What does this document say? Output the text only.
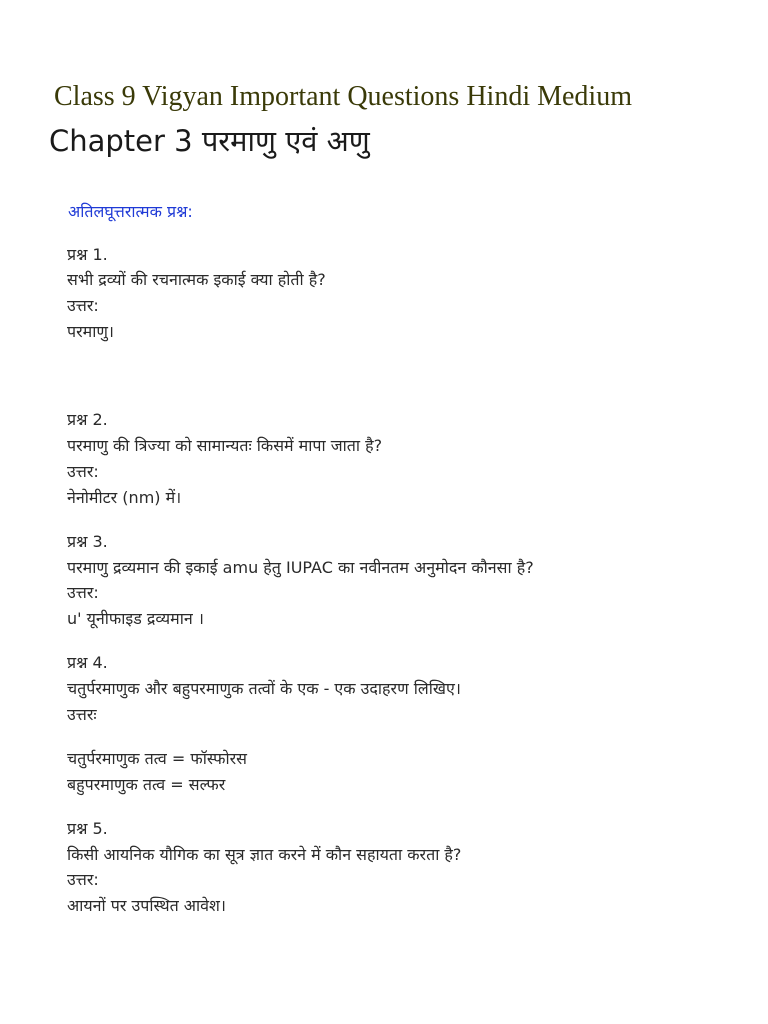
Class 9 Vigyan Important Questions Hindi Medium
Chapter 3 परमाणु एवं अणु
अतिलघूत्तरात्मक प्रश्न:
प्रश्न 1.
सभी द्रव्यों की रचनात्मक इकाई क्या होती है?
उत्तर:
परमाणु।
प्रश्न 2.
परमाणु की त्रिज्या को सामान्यतः किसमें मापा जाता है?
उत्तर:
नेनोमीटर (nm) में।
प्रश्न 3.
परमाणु द्रव्यमान की इकाई amu हेतु IUPAC का नवीनतम अनुमोदन कौनसा है?
उत्तर:
u' यूनीफाइड द्रव्यमान ।
प्रश्न 4.
चतुर्परमाणुक और बहुपरमाणुक तत्वों के एक - एक उदाहरण लिखिए।
उत्तरः
चतुर्परमाणुक तत्व = फॉस्फोरस
बहुपरमाणुक तत्व = सल्फर
प्रश्न 5.
किसी आयनिक यौगिक का सूत्र ज्ञात करने में कौन सहायता करता है?
उत्तर:
आयनों पर उपस्थित आवेश।
